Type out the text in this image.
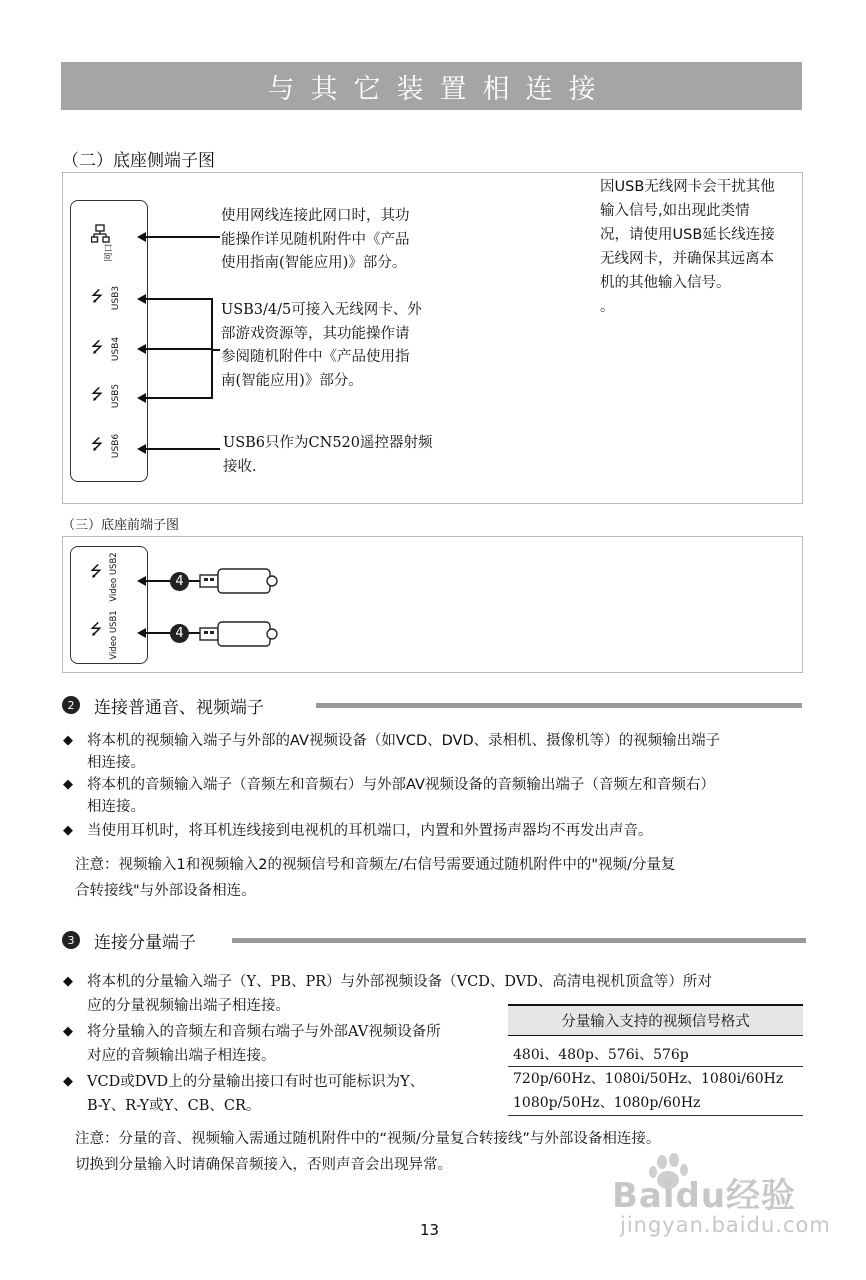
与其它装置相连接
（二）底座侧端子图
网口
⭍ USB3
⭍ USB4
⭍ USB5
⭍ USB6
使用网线连接此网口时，其功
能操作详见随机附件中《产品
使用指南(智能应用)》部分。
USB3/4/5可接入无线网卡、外
部游戏资源等，其功能操作请
参阅随机附件中《产品使用指
南(智能应用)》部分。
USB6只作为CN520遥控器射频
接收.
因USB无线网卡会干扰其他
输入信号,如出现此类情
况，请使用USB延长线连接
无线网卡，并确保其远离本
机的其他输入信号。
。
（三）底座前端子图
⭍ Video USB2
⭍ Video USB1
4
4
2	连接普通音、视频端子
◆ 将本机的视频输入端子与外部的AV视频设备（如VCD、DVD、录相机、摄像机等）的视频输出端子
相连接。
◆ 将本机的音频输入端子（音频左和音频右）与外部AV视频设备的音频输出端子（音频左和音频右）
相连接。
◆ 当使用耳机时，将耳机连线接到电视机的耳机端口，内置和外置扬声器均不再发出声音。
注意：视频输入1和视频输入2的视频信号和音频左/右信号需要通过随机附件中的"视频/分量复
合转接线"与外部设备相连。
3	连接分量端子
◆ 将本机的分量输入端子（Y、PB、PR）与外部视频设备（VCD、DVD、高清电视机顶盒等）所对
应的分量视频输出端子相连接。
◆ 将分量输入的音频左和音频右端子与外部AV视频设备所
对应的音频输出端子相连接。
◆ VCD或DVD上的分量输出接口有时也可能标识为Y、
B-Y、R-Y或Y、CB、CR。
分量输入支持的视频信号格式
480i、480p、576i、576p
720p/60Hz、1080i/50Hz、1080i/60Hz
1080p/50Hz、1080p/60Hz
注意：分量的音、视频输入需通过随机附件中的“视频/分量复合转接线”与外部设备相连接。
切换到分量输入时请确保音频接入，否则声音会出现异常。
13
Baidu经验
jingyan.baidu.com
